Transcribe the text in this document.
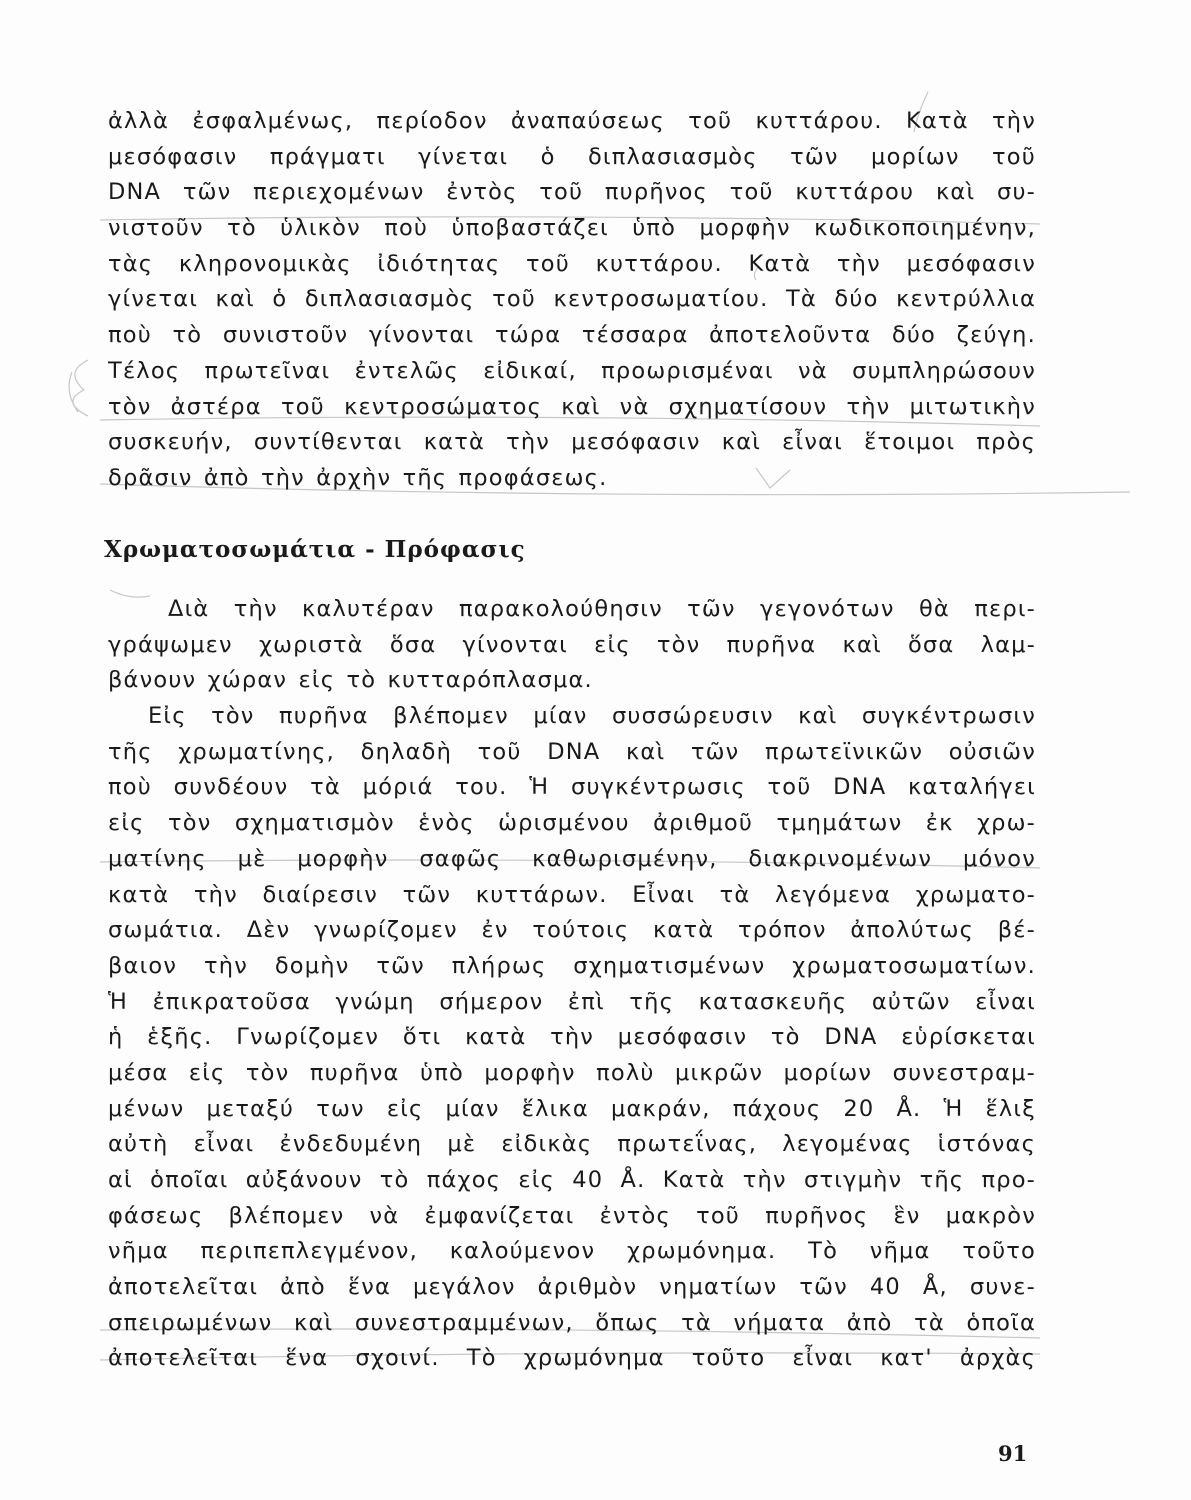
ἀλλὰ ἐσφαλμένως, περίοδον ἀναπαύσεως τοῦ κυττάρου. Κατὰ τὴν
μεσόφασιν πράγματι γίνεται ὁ διπλασιασμὸς τῶν μορίων τοῦ
DNA τῶν περιεχομένων ἐντὸς τοῦ πυρῆνος τοῦ κυττάρου καὶ συ-
νιστοῦν τὸ ὑλικὸν ποὺ ὑποβαστάζει ὑπὸ μορφὴν κωδικοποιημένην,
τὰς κληρονομικὰς ἰδιότητας τοῦ κυττάρου. Κατὰ τὴν μεσόφασιν
γίνεται καὶ ὁ διπλασιασμὸς τοῦ κεντροσωματίου. Τὰ δύο κεντρύλλια
ποὺ τὸ συνιστοῦν γίνονται τώρα τέσσαρα ἀποτελοῦντα δύο ζεύγη.
Τέλος πρωτεῖναι ἐντελῶς εἰδικαί, προωρισμέναι νὰ συμπληρώσουν
τὸν ἀστέρα τοῦ κεντροσώματος καὶ νὰ σχηματίσουν τὴν μιτωτικὴν
συσκευήν, συντίθενται κατὰ τὴν μεσόφασιν καὶ εἶναι ἕτοιμοι πρὸς
δρᾶσιν ἀπὸ τὴν ἀρχὴν τῆς προφάσεως.
Χρωματοσωμάτια - Πρόφασις
Διὰ τὴν καλυτέραν παρακολούθησιν τῶν γεγονότων θὰ περι-
γράψωμεν χωριστὰ ὅσα γίνονται εἰς τὸν πυρῆνα καὶ ὅσα λαμ-
βάνουν χώραν εἰς τὸ κυτταρόπλασμα.
Εἰς τὸν πυρῆνα βλέπομεν μίαν συσσώρευσιν καὶ συγκέντρωσιν
τῆς χρωματίνης, δηλαδὴ τοῦ DNA καὶ τῶν πρωτεϊνικῶν οὐσιῶν
ποὺ συνδέουν τὰ μόριά του. Ἡ συγκέντρωσις τοῦ DNA καταλήγει
εἰς τὸν σχηματισμὸν ἑνὸς ὡρισμένου ἀριθμοῦ τμημάτων ἐκ χρω-
ματίνης μὲ μορφὴν σαφῶς καθωρισμένην, διακρινομένων μόνον
κατὰ τὴν διαίρεσιν τῶν κυττάρων. Εἶναι τὰ λεγόμενα χρωματο-
σωμάτια. Δὲν γνωρίζομεν ἐν τούτοις κατὰ τρόπον ἀπολύτως βέ-
βαιον τὴν δομὴν τῶν πλήρως σχηματισμένων χρωματοσωματίων.
Ἡ ἐπικρατοῦσα γνώμη σήμερον ἐπὶ τῆς κατασκευῆς αὐτῶν εἶναι
ἡ ἑξῆς. Γνωρίζομεν ὅτι κατὰ τὴν μεσόφασιν τὸ DNA εὑρίσκεται
μέσα εἰς τὸν πυρῆνα ὑπὸ μορφὴν πολὺ μικρῶν μορίων συνεστραμ-
μένων μεταξύ των εἰς μίαν ἕλικα μακράν, πάχους 20 Å. Ἡ ἕλιξ
αὐτὴ εἶναι ἐνδεδυμένη μὲ εἰδικὰς πρωτεΐνας, λεγομένας ἱστόνας
αἱ ὁποῖαι αὐξάνουν τὸ πάχος εἰς 40 Å. Κατὰ τὴν στιγμὴν τῆς προ-
φάσεως βλέπομεν νὰ ἐμφανίζεται ἐντὸς τοῦ πυρῆνος ἓν μακρὸν
νῆμα περιπεπλεγμένον, καλούμενον χρωμόνημα. Τὸ νῆμα τοῦτο
ἀποτελεῖται ἀπὸ ἕνα μεγάλον ἀριθμὸν νηματίων τῶν 40 Å, συνε-
σπειρωμένων καὶ συνεστραμμένων, ὅπως τὰ νήματα ἀπὸ τὰ ὁποῖα
ἀποτελεῖται ἕνα σχοινί. Τὸ χρωμόνημα τοῦτο εἶναι κατ' ἀρχὰς
91
